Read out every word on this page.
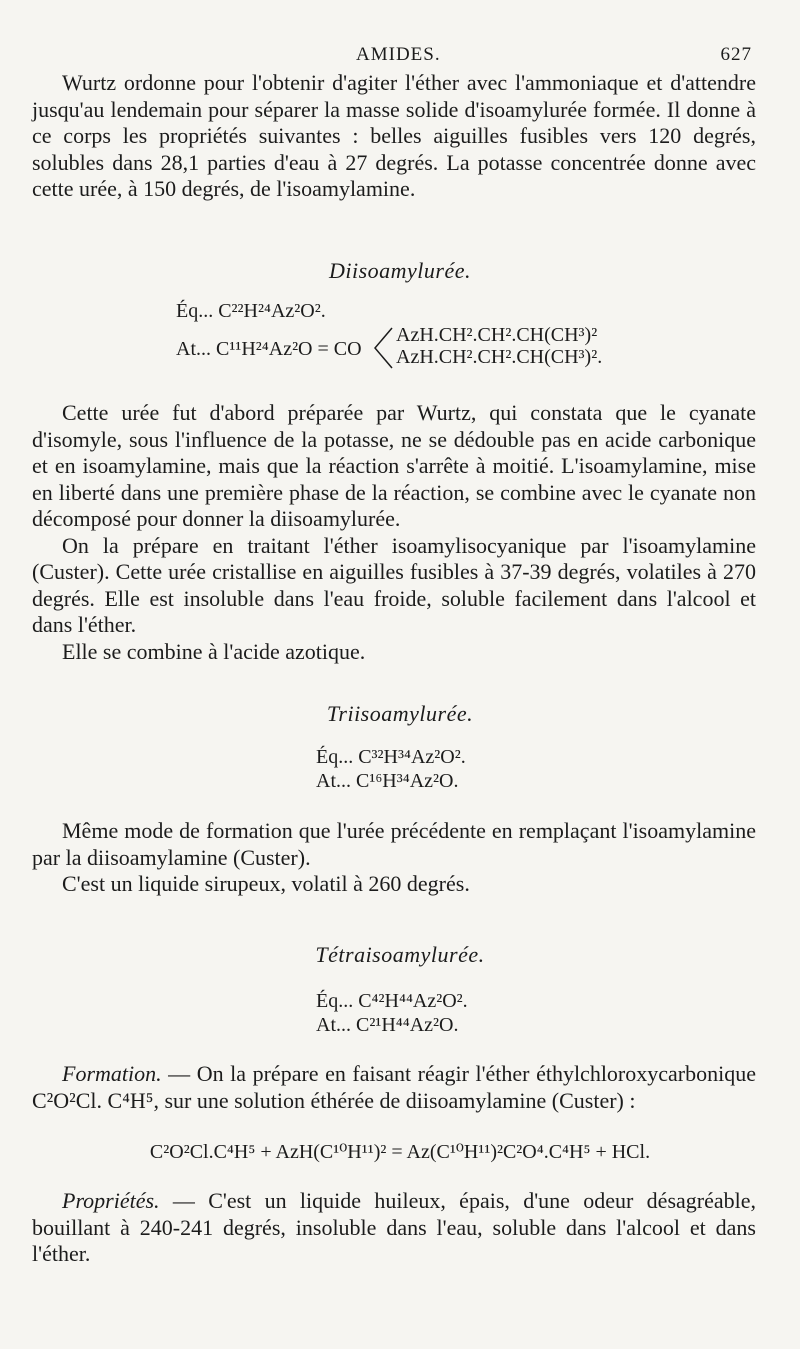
AMIDES.	627

Wurtz ordonne pour l'obtenir d'agiter l'éther avec l'ammoniaque et d'attendre jusqu'au lendemain pour séparer la masse solide d'isoamylurée formée. Il donne à ce corps les propriétés suivantes : belles aiguilles fusibles vers 120 degrés, solubles dans 28,1 parties d'eau à 27 degrés. La potasse concentrée donne avec cette urée, à 150 degrés, de l'isoamylamine.

Diisoamylurée.
Éq... C²²H²⁴Az²O².
At... C¹¹H²⁴Az²O = CO
AzH.CH².CH².CH(CH³)²
AzH.CH².CH².CH(CH³)².

Cette urée fut d'abord préparée par Wurtz, qui constata que le cyanate d'isomyle, sous l'influence de la potasse, ne se dédouble pas en acide carbonique et en isoamylamine, mais que la réaction s'arrête à moitié. L'isoamylamine, mise en liberté dans une première phase de la réaction, se combine avec le cyanate non décomposé pour donner la diisoamylurée.

On la prépare en traitant l'éther isoamylisocyanique par l'isoamylamine (Custer). Cette urée cristallise en aiguilles fusibles à 37-39 degrés, volatiles à 270 degrés. Elle est insoluble dans l'eau froide, soluble facilement dans l'alcool et dans l'éther.

Elle se combine à l'acide azotique.

Triisoamylurée.
Éq... C³²H³⁴Az²O².
At... C¹⁶H³⁴Az²O.

Même mode de formation que l'urée précédente en remplaçant l'isoamylamine par la diisoamylamine (Custer).

C'est un liquide sirupeux, volatil à 260 degrés.

Tétraisoamylurée.
Éq... C⁴²H⁴⁴Az²O².
At... C²¹H⁴⁴Az²O.

Formation. — On la prépare en faisant réagir l'éther éthylchloroxycarbonique C²O²Cl. C⁴H⁵, sur une solution éthérée de diisoamylamine (Custer) :

C²O²Cl.C⁴H⁵ + AzH(C¹⁰H¹¹)² = Az(C¹⁰H¹¹)²C²O⁴.C⁴H⁵ + HCl.

Propriétés. — C'est un liquide huileux, épais, d'une odeur désagréable, bouillant à 240-241 degrés, insoluble dans l'eau, soluble dans l'alcool et dans l'éther.
